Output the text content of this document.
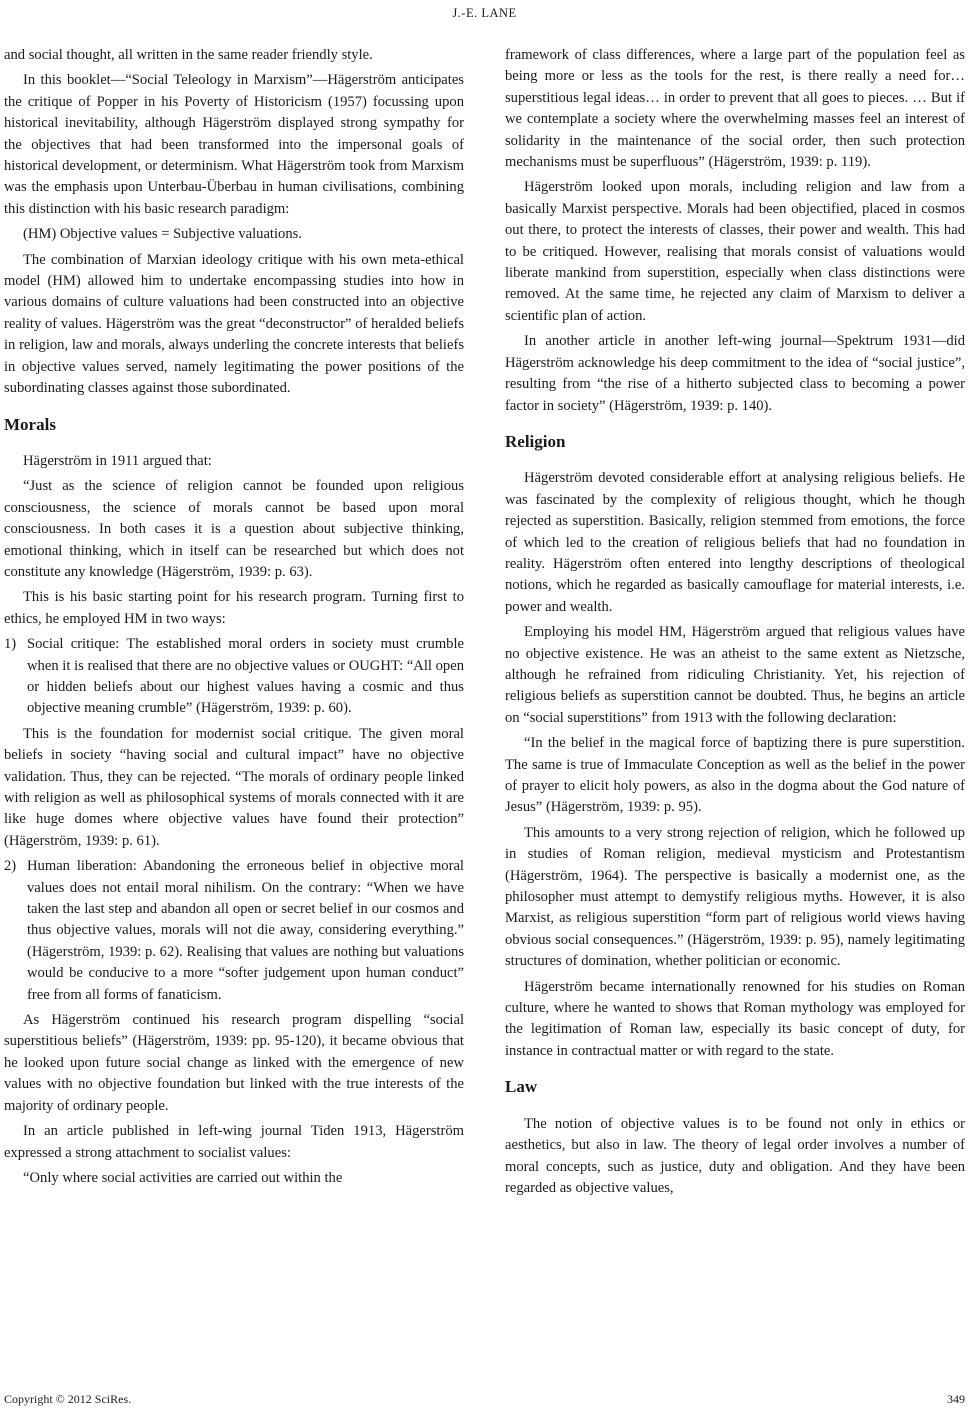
J.-E. LANE

and social thought, all written in the same reader friendly style.

In this booklet—“Social Teleology in Marxism”—Hägerström anticipates the critique of Popper in his Poverty of Historicism (1957) focussing upon historical inevitability, although Hägerström displayed strong sympathy for the objectives that had been transformed into the impersonal goals of historical development, or determinism. What Hägerström took from Marxism was the emphasis upon Unterbau-Überbau in human civilisations, combining this distinction with his basic research paradigm:

(HM) Objective values = Subjective valuations.

The combination of Marxian ideology critique with his own meta-ethical model (HM) allowed him to undertake encompassing studies into how in various domains of culture valuations had been constructed into an objective reality of values. Hägerström was the great “deconstructor” of heralded beliefs in religion, law and morals, always underling the concrete interests that beliefs in objective values served, namely legitimating the power positions of the subordinating classes against those subordinated.

Morals

Hägerström in 1911 argued that:

“Just as the science of religion cannot be founded upon religious consciousness, the science of morals cannot be based upon moral consciousness. In both cases it is a question about subjective thinking, emotional thinking, which in itself can be researched but which does not constitute any knowledge (Hägerström, 1939: p. 63).

This is his basic starting point for his research program. Turning first to ethics, he employed HM in two ways:

1) Social critique: The established moral orders in society must crumble when it is realised that there are no objective values or OUGHT: “All open or hidden beliefs about our highest values having a cosmic and thus objective meaning crumble” (Hägerström, 1939: p. 60).

This is the foundation for modernist social critique. The given moral beliefs in society “having social and cultural impact” have no objective validation. Thus, they can be rejected. “The morals of ordinary people linked with religion as well as philosophical systems of morals connected with it are like huge domes where objective values have found their protection” (Hägerström, 1939: p. 61).

2) Human liberation: Abandoning the erroneous belief in objective moral values does not entail moral nihilism. On the contrary: “When we have taken the last step and abandon all open or secret belief in our cosmos and thus objective values, morals will not die away, considering everything.” (Hägerström, 1939: p. 62). Realising that values are nothing but valuations would be conducive to a more “softer judgement upon human conduct” free from all forms of fanaticism.

As Hägerström continued his research program dispelling “social superstitious beliefs” (Hägerström, 1939: pp. 95-120), it became obvious that he looked upon future social change as linked with the emergence of new values with no objective foundation but linked with the true interests of the majority of ordinary people.

In an article published in left-wing journal Tiden 1913, Hägerström expressed a strong attachment to socialist values:

“Only where social activities are carried out within the

framework of class differences, where a large part of the population feel as being more or less as the tools for the rest, is there really a need for… superstitious legal ideas… in order to prevent that all goes to pieces. … But if we contemplate a society where the overwhelming masses feel an interest of solidarity in the maintenance of the social order, then such protection mechanisms must be superfluous” (Hägerström, 1939: p. 119).

Hägerström looked upon morals, including religion and law from a basically Marxist perspective. Morals had been objectified, placed in cosmos out there, to protect the interests of classes, their power and wealth. This had to be critiqued. However, realising that morals consist of valuations would liberate mankind from superstition, especially when class distinctions were removed. At the same time, he rejected any claim of Marxism to deliver a scientific plan of action.

In another article in another left-wing journal—Spektrum 1931—did Hägerström acknowledge his deep commitment to the idea of “social justice”, resulting from “the rise of a hitherto subjected class to becoming a power factor in society” (Hägerström, 1939: p. 140).

Religion

Hägerström devoted considerable effort at analysing religious beliefs. He was fascinated by the complexity of religious thought, which he though rejected as superstition. Basically, religion stemmed from emotions, the force of which led to the creation of religious beliefs that had no foundation in reality. Hägerström often entered into lengthy descriptions of theological notions, which he regarded as basically camouflage for material interests, i.e. power and wealth.

Employing his model HM, Hägerström argued that religious values have no objective existence. He was an atheist to the same extent as Nietzsche, although he refrained from ridiculing Christianity. Yet, his rejection of religious beliefs as superstition cannot be doubted. Thus, he begins an article on “social superstitions” from 1913 with the following declaration:

“In the belief in the magical force of baptizing there is pure superstition. The same is true of Immaculate Conception as well as the belief in the power of prayer to elicit holy powers, as also in the dogma about the God nature of Jesus” (Hägerström, 1939: p. 95).

This amounts to a very strong rejection of religion, which he followed up in studies of Roman religion, medieval mysticism and Protestantism (Hägerström, 1964). The perspective is basically a modernist one, as the philosopher must attempt to demystify religious myths. However, it is also Marxist, as religious superstition “form part of religious world views having obvious social consequences.” (Hägerström, 1939: p. 95), namely legitimating structures of domination, whether politician or economic.

Hägerström became internationally renowned for his studies on Roman culture, where he wanted to shows that Roman mythology was employed for the legitimation of Roman law, especially its basic concept of duty, for instance in contractual matter or with regard to the state.

Law

The notion of objective values is to be found not only in ethics or aesthetics, but also in law. The theory of legal order involves a number of moral concepts, such as justice, duty and obligation. And they have been regarded as objective values,

Copyright © 2012 SciRes.	349
